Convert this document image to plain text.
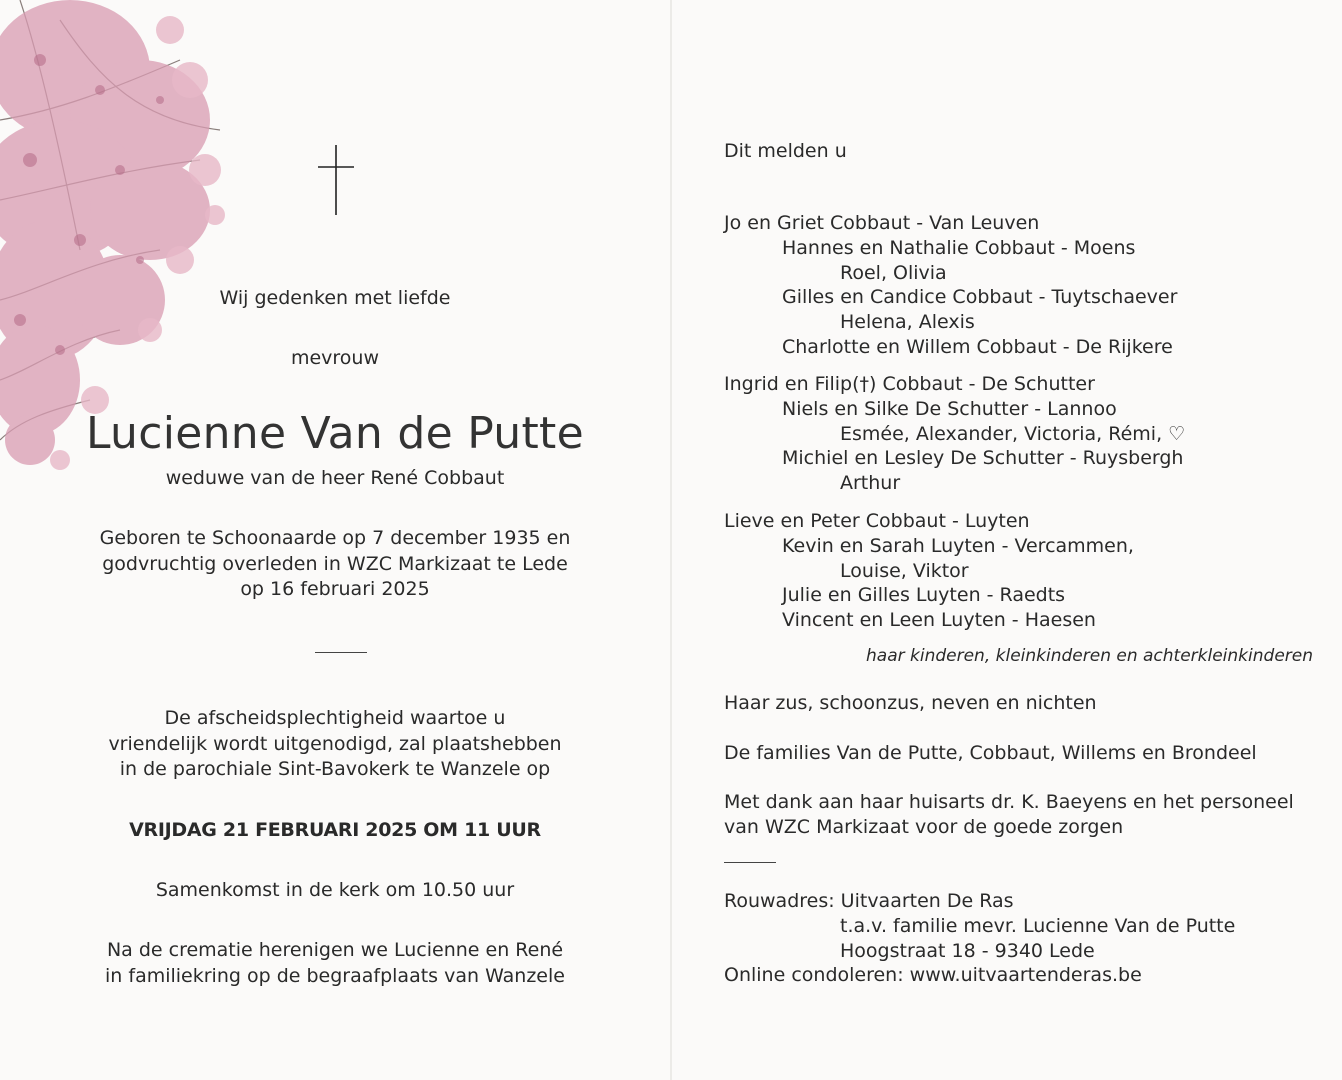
Wij gedenken met liefde
mevrouw
Lucienne Van de Putte
weduwe van de heer René Cobbaut
Geboren te Schoonaarde op 7 december 1935 en
godvruchtig overleden in WZC Markizaat te Lede
op 16 februari 2025
De afscheidsplechtigheid waartoe u
vriendelijk wordt uitgenodigd, zal plaatshebben
in de parochiale Sint-Bavokerk te Wanzele op
VRIJDAG 21 FEBRUARI 2025 OM 11 UUR
Samenkomst in de kerk om 10.50 uur
Na de crematie herenigen we Lucienne en René
in familiekring op de begraafplaats van Wanzele
Dit melden u
Jo en Griet Cobbaut - Van Leuven
Hannes en Nathalie Cobbaut - Moens
Roel, Olivia
Gilles en Candice Cobbaut - Tuytschaever
Helena, Alexis
Charlotte en Willem Cobbaut - De Rijkere
Ingrid en Filip(†) Cobbaut - De Schutter
Niels en Silke De Schutter - Lannoo
Esmée, Alexander, Victoria, Rémi, ♡
Michiel en Lesley De Schutter - Ruysbergh
Arthur
Lieve en Peter Cobbaut - Luyten
Kevin en Sarah Luyten - Vercammen,
Louise, Viktor
Julie en Gilles Luyten - Raedts
Vincent en Leen Luyten - Haesen
haar kinderen, kleinkinderen en achterkleinkinderen
Haar zus, schoonzus, neven en nichten
De families Van de Putte, Cobbaut, Willems en Brondeel
Met dank aan haar huisarts dr. K. Baeyens en het personeel
van WZC Markizaat voor de goede zorgen
Rouwadres: Uitvaarten De Ras
t.a.v. familie mevr. Lucienne Van de Putte
Hoogstraat 18 - 9340 Lede
Online condoleren: www.uitvaartenderas.be
